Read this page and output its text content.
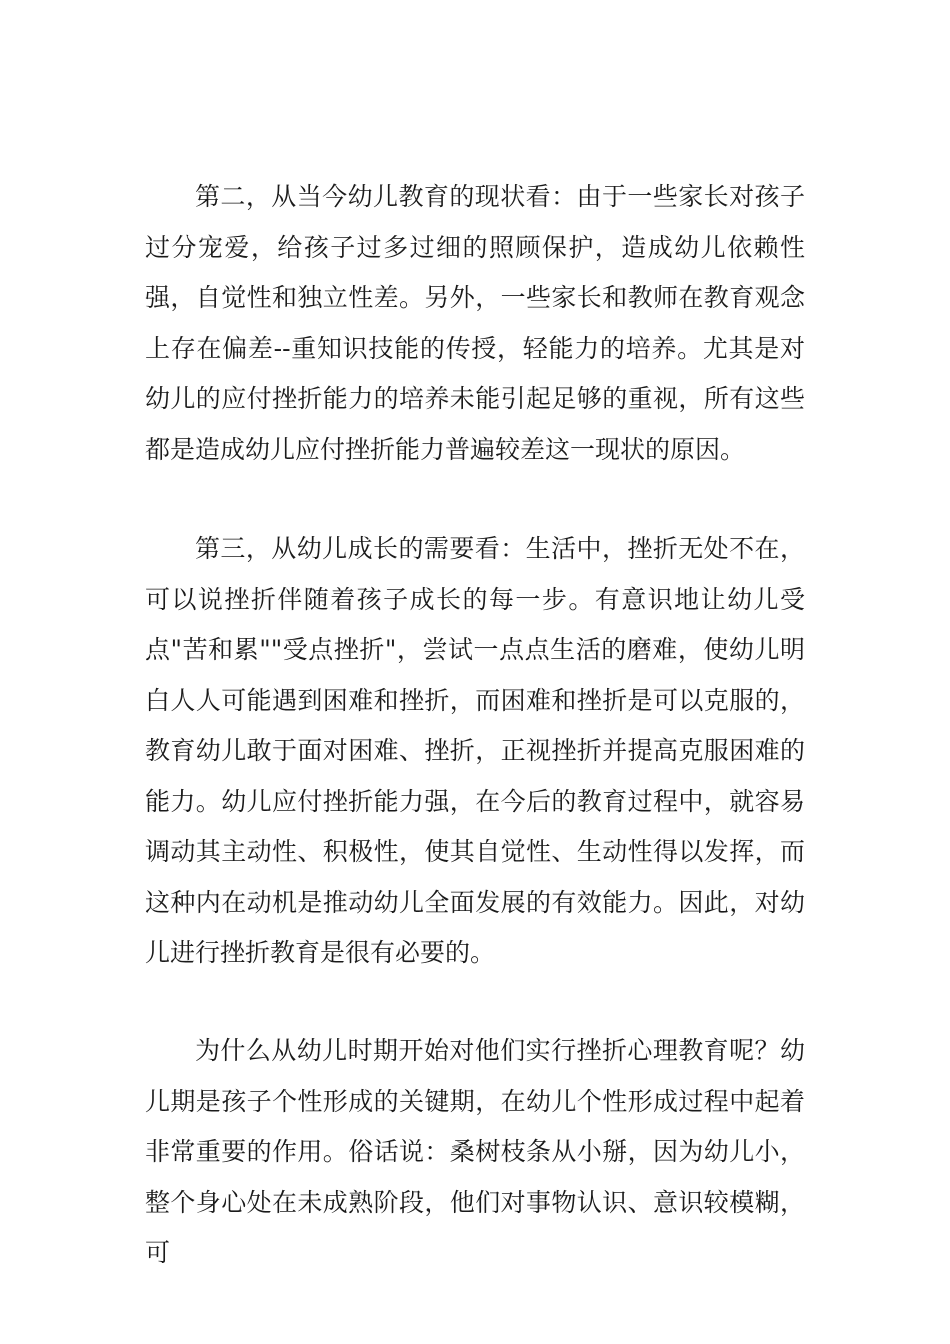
第二，从当今幼儿教育的现状看：由于一些家长对孩子过分宠爱，给孩子过多过细的照顾保护，造成幼儿依赖性强，自觉性和独立性差。另外，一些家长和教师在教育观念上存在偏差--重知识技能的传授，轻能力的培养。尤其是对幼儿的应付挫折能力的培养未能引起足够的重视，所有这些都是造成幼儿应付挫折能力普遍较差这一现状的原因。

第三，从幼儿成长的需要看：生活中，挫折无处不在，可以说挫折伴随着孩子成长的每一步。有意识地让幼儿受点"苦和累""受点挫折"，尝试一点点生活的磨难，使幼儿明白人人可能遇到困难和挫折，而困难和挫折是可以克服的，教育幼儿敢于面对困难、挫折，正视挫折并提高克服困难的能力。幼儿应付挫折能力强，在今后的教育过程中，就容易调动其主动性、积极性，使其自觉性、生动性得以发挥，而这种内在动机是推动幼儿全面发展的有效能力。因此，对幼儿进行挫折教育是很有必要的。

为什么从幼儿时期开始对他们实行挫折心理教育呢？幼儿期是孩子个性形成的关键期，在幼儿个性形成过程中起着非常重要的作用。俗话说：桑树枝条从小掰，因为幼儿小，整个身心处在未成熟阶段，他们对事物认识、意识较模糊，可
